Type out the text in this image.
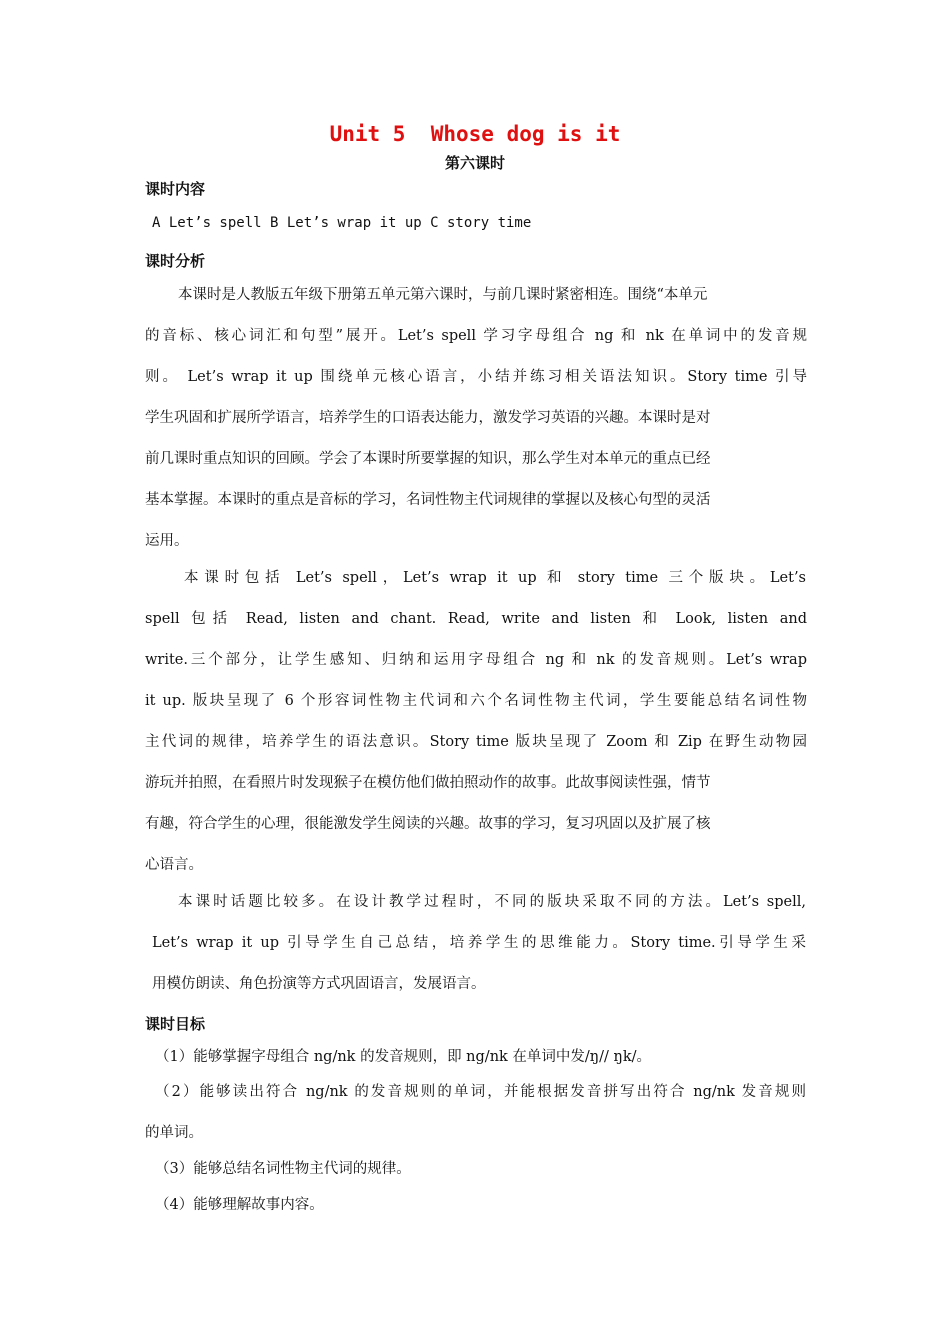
Unit 5  Whose dog is it
第六课时
课时内容
A Let’s spell B Let’s wrap it up C story time
课时分析
本课时是人教版五年级下册第五单元第六课时，与前几课时紧密相连。围绕“本单元
的音标、核心词汇和句型”展开。Let’s spell 学习字母组合 ng 和 nk 在单词中的发音规
则。 Let’s wrap it up 围绕单元核心语言，小结并练习相关语法知识。Story time 引导
学生巩固和扩展所学语言，培养学生的口语表达能力，激发学习英语的兴趣。本课时是对
前几课时重点知识的回顾。学会了本课时所要掌握的知识，那么学生对本单元的重点已经
基本掌握。本课时的重点是音标的学习，名词性物主代词规律的掌握以及核心句型的灵活
运用。
本课时包括 Let’s spell，Let’s wrap it up 和 story time 三个版块。Let’s
spell 包括 Read, listen and chant. Read, write and listen 和 Look, listen and
write.三个部分，让学生感知、归纳和运用字母组合 ng 和 nk 的发音规则。Let’s wrap
it up. 版块呈现了 6 个形容词性物主代词和六个名词性物主代词，学生要能总结名词性物
主代词的规律，培养学生的语法意识。Story time 版块呈现了 Zoom 和 Zip 在野生动物园
游玩并拍照，在看照片时发现猴子在模仿他们做拍照动作的故事。此故事阅读性强，情节
有趣，符合学生的心理，很能激发学生阅读的兴趣。故事的学习，复习巩固以及扩展了核
心语言。
本课时话题比较多。在设计教学过程时，不同的版块采取不同的方法。Let’s spell,
Let’s wrap it up 引导学生自己总结，培养学生的思维能力。Story time.引导学生采
用模仿朗读、角色扮演等方式巩固语言，发展语言。
课时目标
（1）能够掌握字母组合 ng/nk 的发音规则，即 ng/nk 在单词中发/ŋ// ŋk/。
（2）能够读出符合 ng/nk 的发音规则的单词，并能根据发音拼写出符合 ng/nk 发音规则
的单词。
（3）能够总结名词性物主代词的规律。
（4）能够理解故事内容。
